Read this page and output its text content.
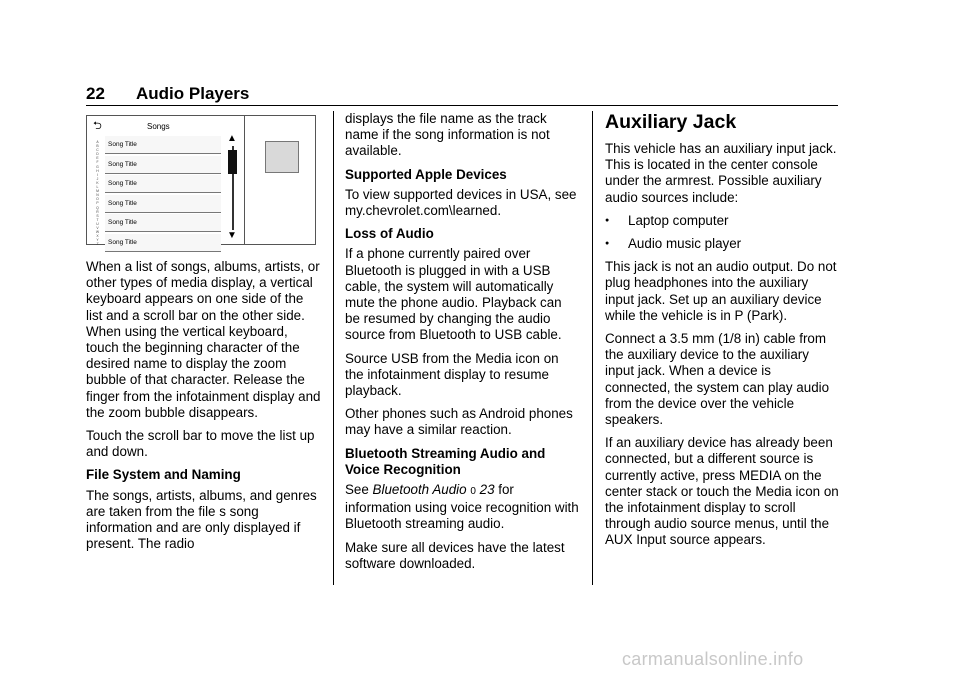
22 Audio Players
⮌	Songs
A
B
C
D
E
F
G
H
I
J
K
L
M
N
O
P
Q
R
S
T
U
V
W
X
Y
Z
Song Title
Song Title
Song Title
Song Title
Song Title
Song Title
▲
▼

When a list of songs, albums, artists, or other types of media display, a vertical keyboard appears on one side of the list and a scroll bar on the other side. When using the vertical keyboard, touch the beginning character of the desired name to display the zoom bubble of that character. Release the finger from the infotainment display and the zoom bubble disappears.

Touch the scroll bar to move the list up and down.

File System and Naming

The songs, artists, albums, and genres are taken from the file s song information and are only displayed if present. The radio

displays the file name as the track name if the song information is not available.

Supported Apple Devices

To view supported devices in USA, see my.chevrolet.com\learned.

Loss of Audio

If a phone currently paired over Bluetooth is plugged in with a USB cable, the system will automatically mute the phone audio. Playback can be resumed by changing the audio source from Bluetooth to USB cable.

Source USB from the Media icon on the infotainment display to resume playback.

Other phones such as Android phones may have a similar reaction.

Bluetooth Streaming Audio and Voice Recognition

See Bluetooth Audio 0 23 for information using voice recognition with Bluetooth streaming audio.

Make sure all devices have the latest software downloaded.

Auxiliary Jack

This vehicle has an auxiliary input jack. This is located in the center console under the armrest. Possible auxiliary audio sources include:

●	Laptop computer
●	Audio music player

This jack is not an audio output. Do not plug headphones into the auxiliary input jack. Set up an auxiliary device while the vehicle is in P (Park).

Connect a 3.5 mm (1/8 in) cable from the auxiliary device to the auxiliary input jack. When a device is connected, the system can play audio from the device over the vehicle speakers.

If an auxiliary device has already been connected, but a different source is currently active, press MEDIA on the center stack or touch the Media icon on the infotainment display to scroll through audio source menus, until the AUX Input source appears.

carmanualsonline.info
